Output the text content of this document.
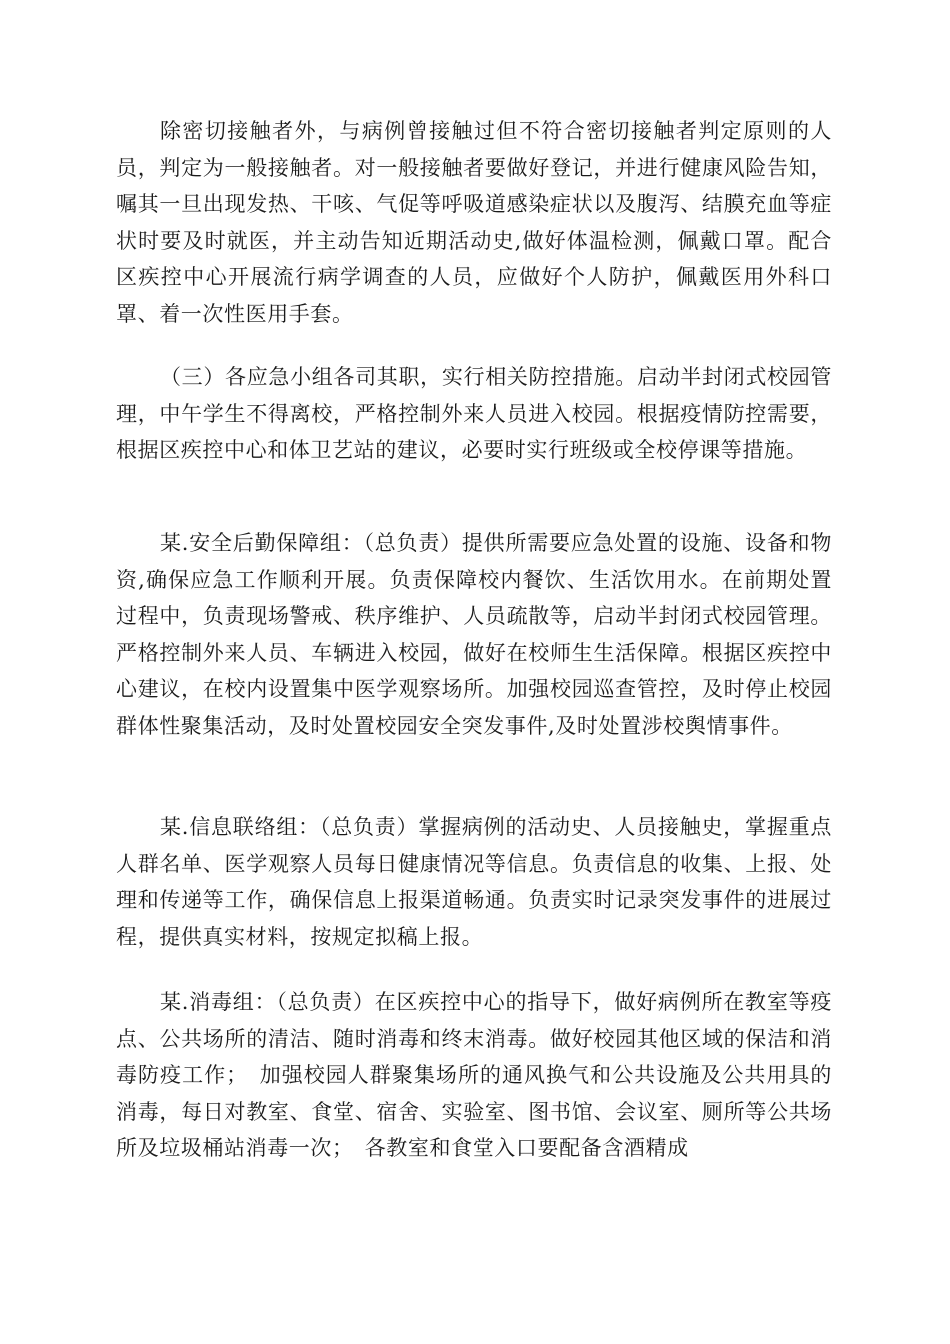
除密切接触者外，与病例曾接触过但不符合密切接触者判定原则的人员，判定为一般接触者。对一般接触者要做好登记，并进行健康风险告知，嘱其一旦出现发热、干咳、气促等呼吸道感染症状以及腹泻、结膜充血等症状时要及时就医，并主动告知近期活动史,做好体温检测，佩戴口罩。配合区疾控中心开展流行病学调查的人员，应做好个人防护，佩戴医用外科口罩、着一次性医用手套。

（三）各应急小组各司其职，实行相关防控措施。启动半封闭式校园管理，中午学生不得离校，严格控制外来人员进入校园。根据疫情防控需要，根据区疾控中心和体卫艺站的建议，必要时实行班级或全校停课等措施。

某.安全后勤保障组：（总负责）提供所需要应急处置的设施、设备和物资,确保应急工作顺利开展。负责保障校内餐饮、生活饮用水。在前期处置过程中，负责现场警戒、秩序维护、人员疏散等，启动半封闭式校园管理。严格控制外来人员、车辆进入校园，做好在校师生生活保障。根据区疾控中心建议，在校内设置集中医学观察场所。加强校园巡查管控，及时停止校园群体性聚集活动，及时处置校园安全突发事件,及时处置涉校舆情事件。

某.信息联络组：（总负责）掌握病例的活动史、人员接触史，掌握重点人群名单、医学观察人员每日健康情况等信息。负责信息的收集、上报、处理和传递等工作，确保信息上报渠道畅通。负责实时记录突发事件的进展过程，提供真实材料，按规定拟稿上报。

某.消毒组：（总负责）在区疾控中心的指导下，做好病例所在教室等疫点、公共场所的清洁、随时消毒和终末消毒。做好校园其他区域的保洁和消毒防疫工作；　加强校园人群聚集场所的通风换气和公共设施及公共用具的消毒，每日对教室、食堂、宿舍、实验室、图书馆、会议室、厕所等公共场所及垃圾桶站消毒一次；　各教室和食堂入口要配备含酒精成
